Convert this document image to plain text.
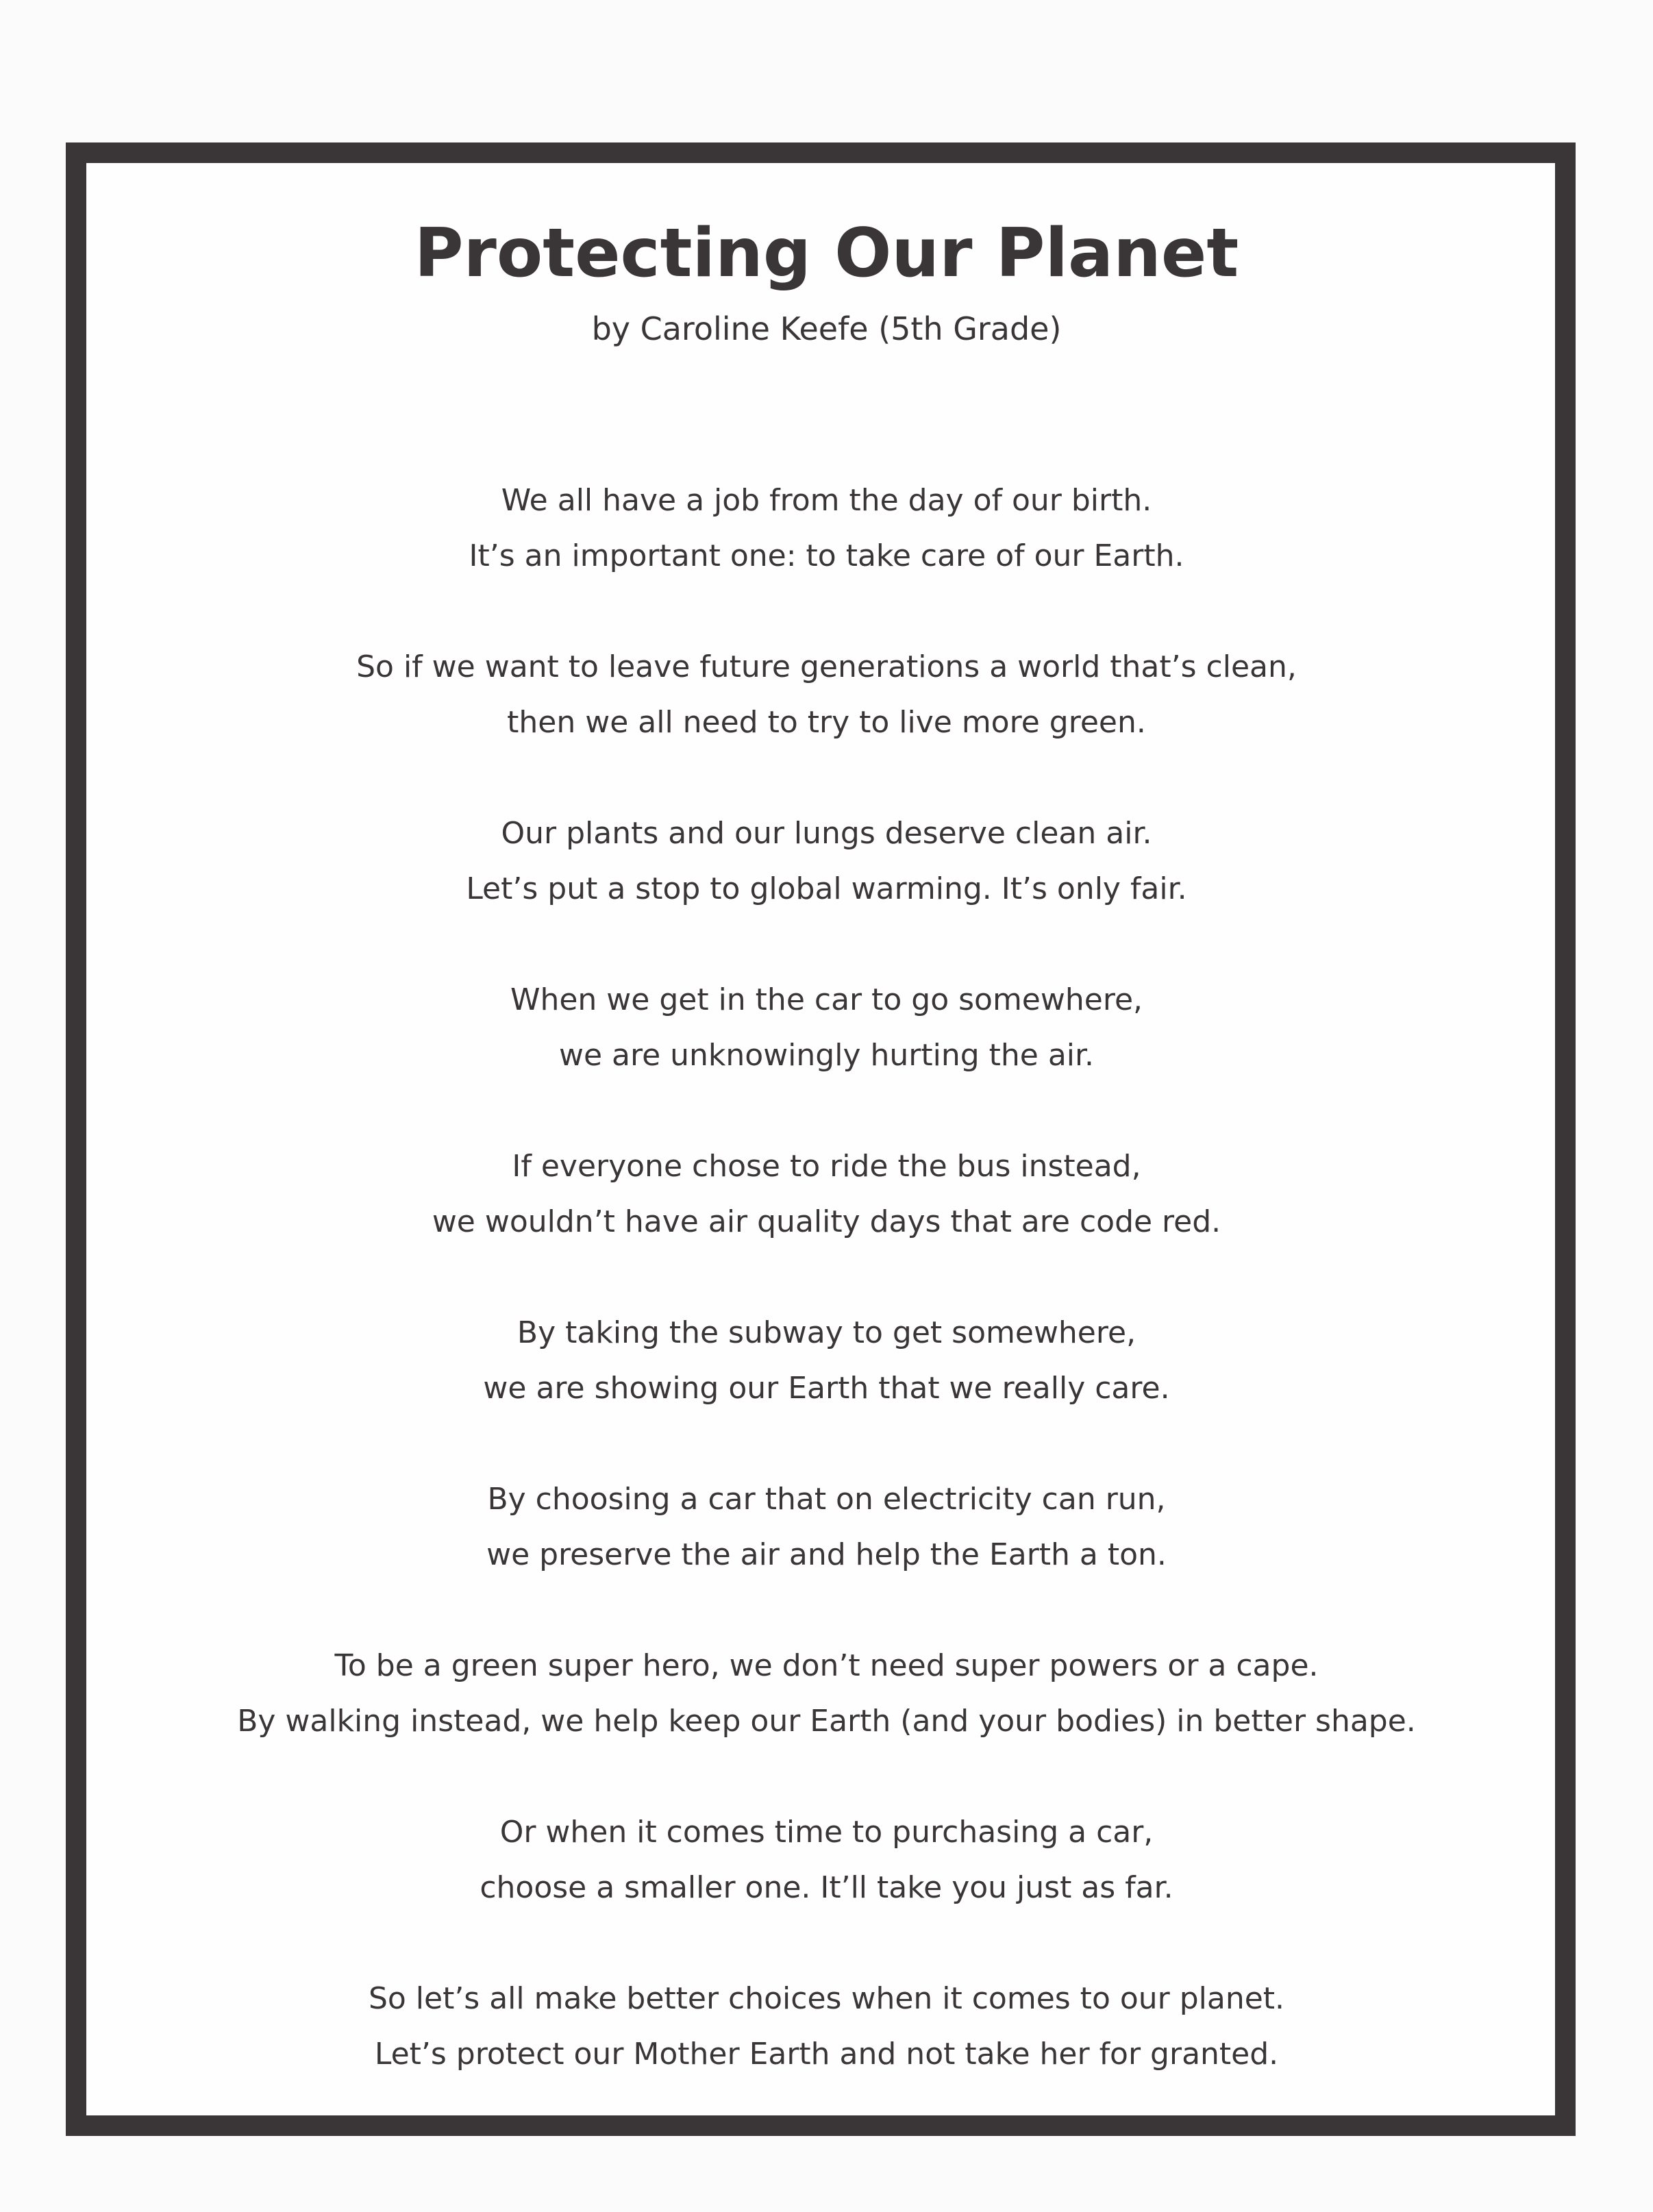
Protecting Our Planet

by Caroline Keefe (5th Grade)

We all have a job from the day of our birth.
It’s an important one: to take care of our Earth.
So if we want to leave future generations a world that’s clean,
then we all need to try to live more green.
Our plants and our lungs deserve clean air.
Let’s put a stop to global warming. It’s only fair.
When we get in the car to go somewhere,
we are unknowingly hurting the air.
If everyone chose to ride the bus instead,
we wouldn’t have air quality days that are code red.
By taking the subway to get somewhere,
we are showing our Earth that we really care.
By choosing a car that on electricity can run,
we preserve the air and help the Earth a ton.
To be a green super hero, we don’t need super powers or a cape.
By walking instead, we help keep our Earth (and your bodies) in better shape.
Or when it comes time to purchasing a car,
choose a smaller one. It’ll take you just as far.
So let’s all make better choices when it comes to our planet.
Let’s protect our Mother Earth and not take her for granted.
